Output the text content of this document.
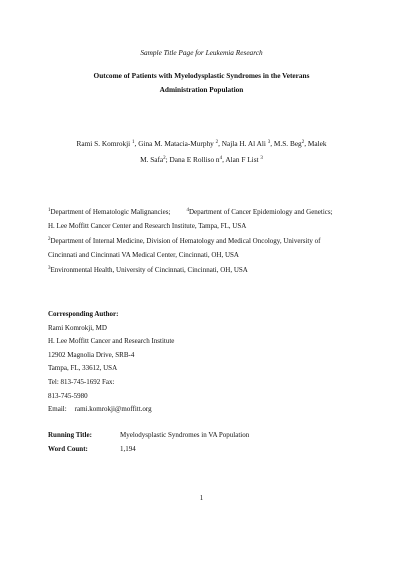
Sample Title Page for Leukemia Research
Outcome of Patients with Myelodysplastic Syndromes in the Veterans
Administration Population
Rami S. Komrokji $^1$, Gina M. Matacia-Murphy $^2$, Najla H. Al Ali $^3$, M.S. Beg$^2$, Malek
M. Safa$^2$; Dana E Rolliso $n^4$, Alan F List $^3$
$^1$Department of Hematologic Malignancies;	$^4$Department of Cancer Epidemiology and Genetics;
H. Lee Moffitt Cancer Center and Research Institute, Tampa, FL, USA
$^2$Department of Internal Medicine, Division of Hematology and Medical Oncology, University of
Cincinnati and Cincinnati VA Medical Center, Cincinnati, OH, USA
$^3$Environmental Health, University of Cincinnati, Cincinnati, OH, USA
Corresponding Author:
Rami Komrokji, MD
H. Lee Moffitt Cancer and Research Institute
12902 Magnolia Drive, SRB-4
Tampa, FL, 33612, USA
Tel: 813-745-1692 Fax:
813-745-5980
Email: rami.komrokji@moffitt.org
Running Title:	Myelodysplastic Syndromes in VA Population
Word Count:	1,194
1
